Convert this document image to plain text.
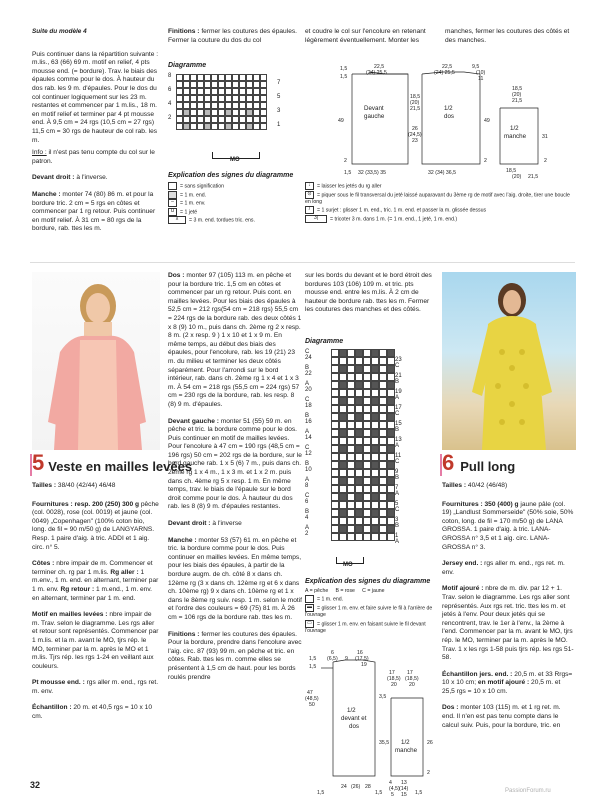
Suite du modèle 4

Puis continuer dans la répartition suivante : m.lis., 63 (66) 69 m. motif en relief, 4 pts mousse end. (= bordure). Trav. le biais des épaules comme pour le dos. À hauteur du dos rab. les 9 m. d'épaules. Pour le dos du col continuer logiquement sur les 23 m. restantes et commencer par 1 m.lis., 18 m. en motif relief et terminer par 4 pt mousse end. À 9,5 cm = 24 rgs (10,5 cm = 27 rgs) 11,5 cm = 30 rgs de hauteur de col rab. les m.

Info : il n'est pas tenu compte du col sur le patron.

Devant droit : à l'inverse.

Manche : monter 74 (80) 86 m. et pour la bordure tric. 2 cm = 5 rgs en côtes et commencer par 1 rg retour. Puis continuer en motif relief. À 31 cm = 80 rgs de la bordure, rab. ttes les m.

Finitions : fermer les coutures des épaules. Fermer la couture du dos du col

Diagramme
8
7
6
5
4
3
2
1
MO
Explication des signes du diagramme
= sans signification
= 1 m. end.
– = 1 m. env.
U = 1 jeté
λ = 3 m. end. tordues tric. ens.
et coudre le col sur l'encolure en retenant légèrement éventuellement. Monter les
manches, fermer les coutures des côtés et des manches.
1,5	22,5
(24) 25,5
22,5
(24) 25,5
9,5
(10)
11
1,5
18,5
(20)
21,5
26
(24,5)
23
49	49
Devant
gauche
1/2
dos
1/2
manche
18,5
(20)
21,5
31
18,5
(20) 21,5
2	2	2
1,5 32 (33,5) 35	32 (34) 36,5
↓ = laisser les jetés du rg aller
⊙ = piquer sous le fil transversal du jeté laissé auparavant du 3ème rg de motif avec l'aig. droite, tirer une boucle en long
/ = 1 surjet : glisser 1 m. end., tric. 1 m. end. et passer la m. glissée dessus
3| = tricoter 3 m. dans 1 m. (= 1 m. end., 1 jeté, 1 m. end.)
5 Veste en mailles levées

Tailles : 38/40 (42/44) 46/48

Fournitures : resp. 200 (250) 300 g pêche (col. 0028), rose (col. 0019) et jaune (col. 0049) „Copenhagen" (100% coton bio, long. de fil = 90 m/50 g) de LANGYARNS. Resp. 1 paire d'aig. à tric. ADDI et 1 aig. circ. n° 5.

Côtes : nbre impair de m. Commencer et terminer ch. rg par 1 m.lis. Rg aller : 1 m.env., 1 m. end. en alternant, terminer par 1 m. env. Rg retour : 1 m.end., 1 m. env. en alternant, terminer par 1 m. end.

Motif en mailles levées : nbre impair de m. Trav. selon le diagramme. Les rgs aller et retour sont représentés. Commencer par 1 m.lis. et la m. avant le MO, tjrs rép. le MO, terminer par la m. après le MO et 1 m.lis. Tjrs rép. les rgs 1-24 en veillant aux couleurs.

Pt mousse end. : rgs aller m. end., rgs ret. m. env.

Échantillon : 20 m. et 40,5 rgs = 10 x 10 cm.

Dos : monter 97 (105) 113 m. en pêche et pour la bordure tric. 1,5 cm en côtes et commencer par un rg retour. Puis cont. en mailles levées. Pour les biais des épaules à 52,5 cm = 212 rgs(54 cm = 218 rgs) 55,5 cm = 224 rgs de la bordure rab. des deux côtés 1 x 8 (9) 10 m., puis dans ch. 2ème rg 2 x resp. 8 m. (2 x resp. 9 ) 1 x 10 et 1 x 9 m. En même temps, au début des biais des épaules, pour l'encolure, rab. les 19 (21) 23 m. du milieu et terminer les deux côtés séparément. Pour l'arrondi sur le bord intérieur, rab. dans ch. 2ème rg 1 x 4 et 1 x 3 m. À 54 cm = 218 rgs (55,5 cm = 224 rgs) 57 cm = 230 rgs de la bordure, rab. les resp. 8 (8) 9 m. d'épaules.

Devant gauche : monter 51 (55) 59 m. en pêche et tric. la bordure comme pour le dos. Puis continuer en motif de mailles levées. Pour l'encolure à 47 cm = 190 rgs (48,5 cm = 196 rgs) 50 cm = 202 rgs de la bordure, sur le bord gauche rab. 1 x 5 (6) 7 m., puis dans ch. 2ème rg 1 x 4 m., 1 x 3 m. et 1 x 2 m. puis dans ch. 4ème rg 5 x resp. 1 m. En même temps, trav. le biais de l'épaule sur le bord droit comme pour le dos. À hauteur du dos rab. les 8 (8) 9 m. d'épaules restantes.

Devant droit : à l'inverse

Manche : monter 53 (57) 61 m. en pêche et tric. la bordure comme pour le dos. Puis continuer en mailles levées. En même temps, pour les biais des épaules, à partir de la bordure augm. de ch. côté 8 x dans ch. 12ème rg (3 x dans ch. 12ème rg et 6 x dans ch. 10ème rg) 9 x dans ch. 10ème rg et 1 x dans le 8ème rg suiv. resp. 1 m. selon le motif et l'ordre des couleurs = 69 (75) 81 m. À 26 cm = 106 rgs de la bordure rab. ttes les m.

Finitions : fermer les coutures des épaules. Pour la bordure, prendre dans l'encolure avec l'aig. circ. 87 (93) 99 m. en pêche et tric. en côtes. Rab. ttes les m. comme elles se présentent à 1,5 cm de haut. pour les bords roulés prendre

sur les bords du devant et le bord étroit des bordures 103 (106) 109 m. et tric. pts mousse end. entre les m.lis. À 2 cm de hauteur de bordure rab. ttes les m. Fermer les coutures des manches et des côtés.
Diagramme
C 24
B 22
A 20
C 18
B 16
A 14
C 12
B 10
A 8
C 6
B 4
A 2
23 C
21 B
19 A
17 C
15 B
13 A
11 C
9 B
7 A
5 C
3 B
1 A
MO
Explication des signes du diagramme
A = pêche B = rose C = jaune
= 1 m. end.
▬ = glisser 1 m. env. et faire suivre le fil à l'arrière de l'ouvrage
▭ = glisser 1 m. env. en faisant suivre le fil devant l'ouvrage
1/2
devant et
dos
1/2
manche
6
(6,5) 9
16
(17,5)
19
1,5
1,5
47
(48,5)
50
3,5
35,5
24 (26) 28
1,5	1,5
17
(18,5)
20
17
(18,5)
20
26
13
(14)
15
(4,5)
5
4
1,5
2
6 Pull long

Tailles : 40/42 (46/48)

Fournitures : 350 (400) g jaune pâle (col. 19) „Landlust Sommerseide" (50% soie, 50% coton, long. de fil = 170 m/50 g) de LANA GROSSA. 1 paire d'aig. à tric. LANA-GROSSA n° 3,5 et 1 aig. circ. LANA-GROSSA n° 3.

Jersey end. : rgs aller m. end., rgs ret. m. env.

Motif ajouré : nbre de m. div. par 12 + 1. Trav. selon le diagramme. Les rgs aller sont représentés. Aux rgs ret. tric. ttes les m. et jetés à l'env. Pour deux jetés qui se rencontrent, trav. le 1er à l'env., la 2ème à l'end. Commencer par la m. avant le MO, tjrs rép. le MO, terminer par la m. après le MO. Trav. 1 x les rgs 1-58 puis tjrs rép. les rgs 51-58.

Échantillon jers. end. : 20,5 m. et 33 Rrgs= 10 x 10 cm; en motif ajouré : 20,5 m. et 25,5 rgs = 10 x 10 cm.

Dos : monter 103 (115) m. et 1 rg ret. m. end. Il n'en est pas tenu compte dans le calcul suiv. Puis, pour la bordure, tric. en

32
PassionForum.ru
